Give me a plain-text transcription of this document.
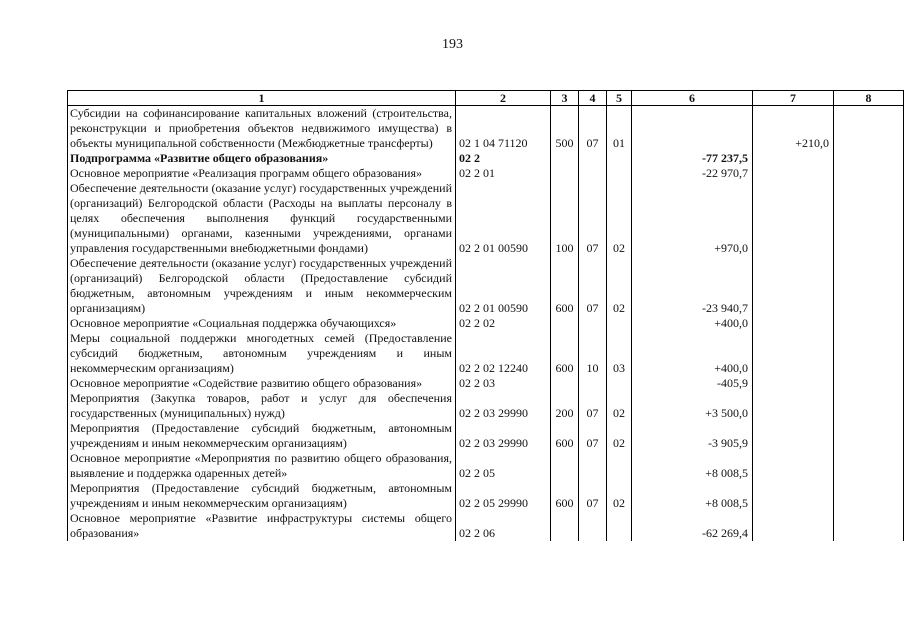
193
1	2	3	4	5	6	7	8
Субсидии на софинансирование капитальных вложений (строительства, реконструкции и приобретения объектов недвижимого имущества) в объекты муниципальной собственности (Межбюджетные трансферты)	02 1 04 71120	500	07	01		+210,0	
Подпрограмма «Развитие общего образования»	02 2				-77 237,5		
Основное мероприятие «Реализация программ общего образования»	02 2 01				-22 970,7		
Обеспечение деятельности (оказание услуг) государственных учреждений (организаций) Белгородской области (Расходы на выплаты персоналу в целях обеспечения выполнения функций государственными (муниципальными) органами, казенными учреждениями, органами управления государственными внебюджетными фондами)	02 2 01 00590	100	07	02	+970,0		
Обеспечение деятельности (оказание услуг) государственных учреждений (организаций) Белгородской области (Предоставление субсидий бюджетным, автономным учреждениям и иным некоммерческим организациям)	02 2 01 00590	600	07	02	-23 940,7		
Основное мероприятие «Социальная поддержка обучающихся»	02 2 02				+400,0		
Меры социальной поддержки многодетных семей (Предоставление субсидий бюджетным, автономным учреждениям и иным некоммерческим организациям)	02 2 02 12240	600	10	03	+400,0		
Основное мероприятие «Содействие развитию общего образования»	02 2 03				-405,9		
Мероприятия (Закупка товаров, работ и услуг для обеспечения государственных (муниципальных) нужд)	02 2 03 29990	200	07	02	+3 500,0		
Мероприятия (Предоставление субсидий бюджетным, автономным учреждениям и иным некоммерческим организациям)	02 2 03 29990	600	07	02	-3 905,9		
Основное мероприятие «Мероприятия по развитию общего образования, выявление и поддержка одаренных детей»	02 2 05				+8 008,5		
Мероприятия (Предоставление субсидий бюджетным, автономным учреждениям и иным некоммерческим организациям)	02 2 05 29990	600	07	02	+8 008,5		
Основное мероприятие «Развитие инфраструктуры системы общего образования»	02 2 06				-62 269,4		
